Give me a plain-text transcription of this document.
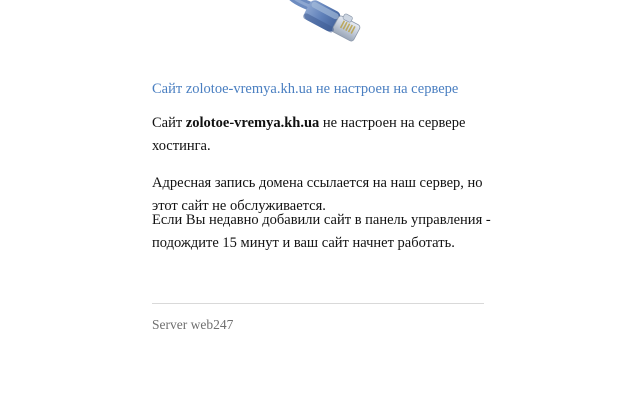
Сайт zolotoe-vremya.kh.ua не настроен на сервере
Сайт zolotoe-vremya.kh.ua не настроен на сервере хостинга.
Адресная запись домена ссылается на наш сервер, но этот сайт не обслуживается.
Если Вы недавно добавили сайт в панель управления - подождите 15 минут и ваш сайт начнет работать.
Server web247
